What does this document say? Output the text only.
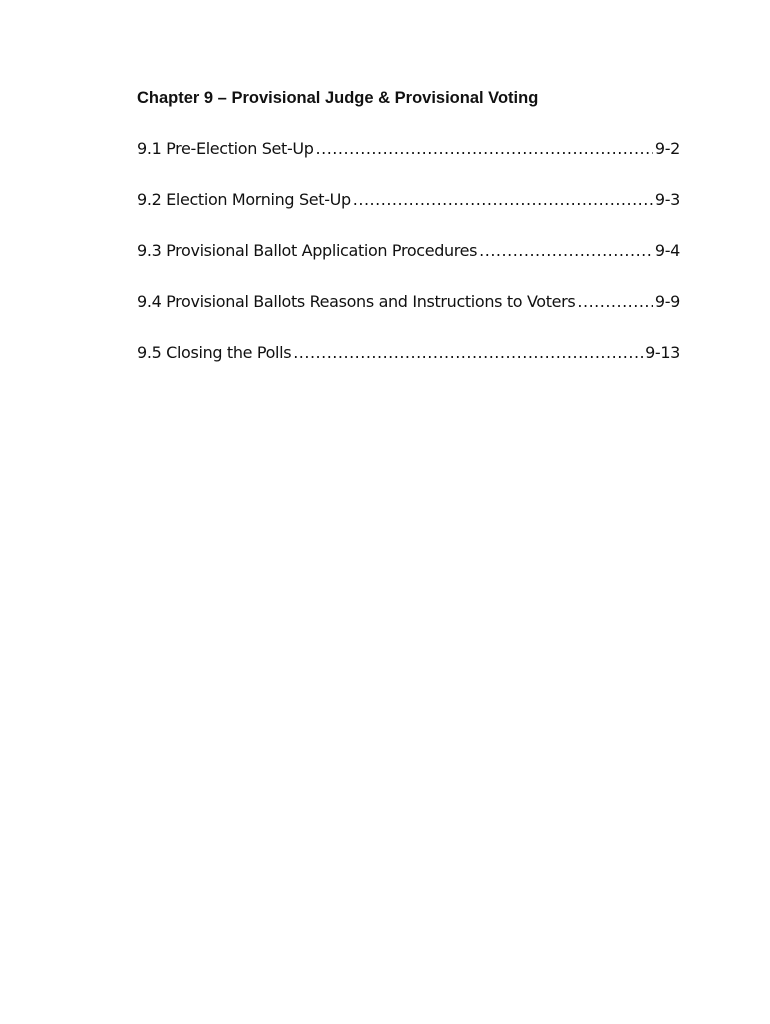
Chapter 9 – Provisional Judge & Provisional Voting
9.1 Pre-Election Set-Up .....	9-2
9.2 Election Morning Set-Up .....	9-3
9.3 Provisional Ballot Application Procedures .....	9-4
9.4 Provisional Ballots Reasons and Instructions to Voters .....	9-9
9.5 Closing the Polls .....	9-13
